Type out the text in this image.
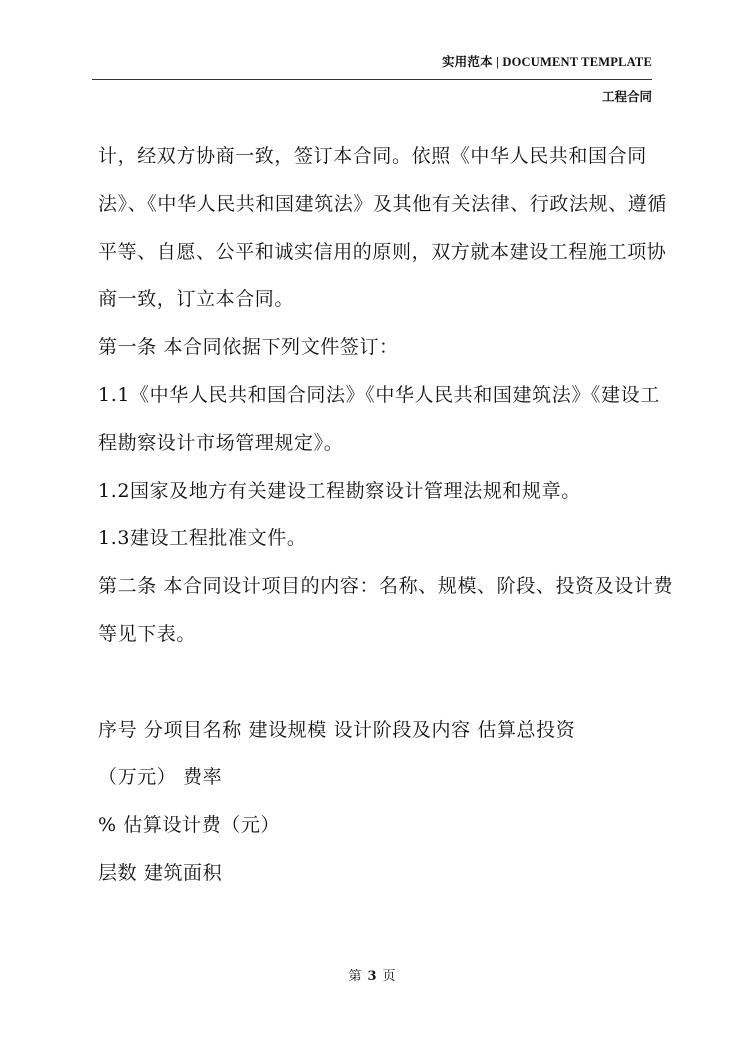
实用范本 | DOCUMENT TEMPLATE
工程合同
计，经双方协商一致，签订本合同。依照《中华人民共和国合同
法》、《中华人民共和国建筑法》及其他有关法律、行政法规、遵循
平等、自愿、公平和诚实信用的原则，双方就本建设工程施工项协
商一致，订立本合同。
第一条 本合同依据下列文件签订：
1.1《中华人民共和国合同法》《中华人民共和国建筑法》《建设工
程勘察设计市场管理规定》。
1.2国家及地方有关建设工程勘察设计管理法规和规章。
1.3建设工程批准文件。
第二条 本合同设计项目的内容：名称、规模、阶段、投资及设计费
等见下表。
序号 分项目名称 建设规模 设计阶段及内容 估算总投资
（万元） 费率
% 估算设计费（元）
层数 建筑面积
第 3 页
